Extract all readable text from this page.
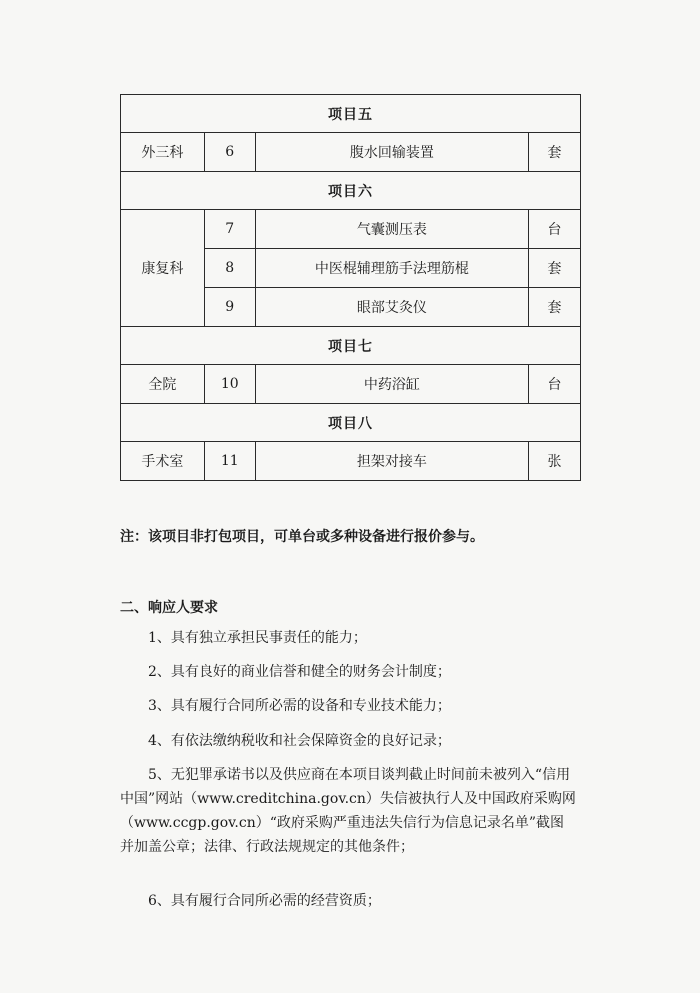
项目五			
外三科	6	腹水回输装置	套
项目六			
康复科	7	气囊测压表	台
	8	中医棍辅理筋手法理筋棍	套
	9	眼部艾灸仪	套
项目七			
全院	10	中药浴缸	台
项目八			
手术室	11	担架对接车	张
注：该项目非打包项目，可单台或多种设备进行报价参与。
二、响应人要求

1、具有独立承担民事责任的能力；

2、具有良好的商业信誉和健全的财务会计制度；

3、具有履行合同所必需的设备和专业技术能力；

4、有依法缴纳税收和社会保障资金的良好记录；

5、无犯罪承诺书以及供应商在本项目谈判截止时间前未被列入“信用中国”网站（www.creditchina.gov.cn）失信被执行人及中国政府采购网（www.ccgp.gov.cn）“政府采购严重违法失信行为信息记录名单”截图并加盖公章；法律、行政法规规定的其他条件；

6、具有履行合同所必需的经营资质；
